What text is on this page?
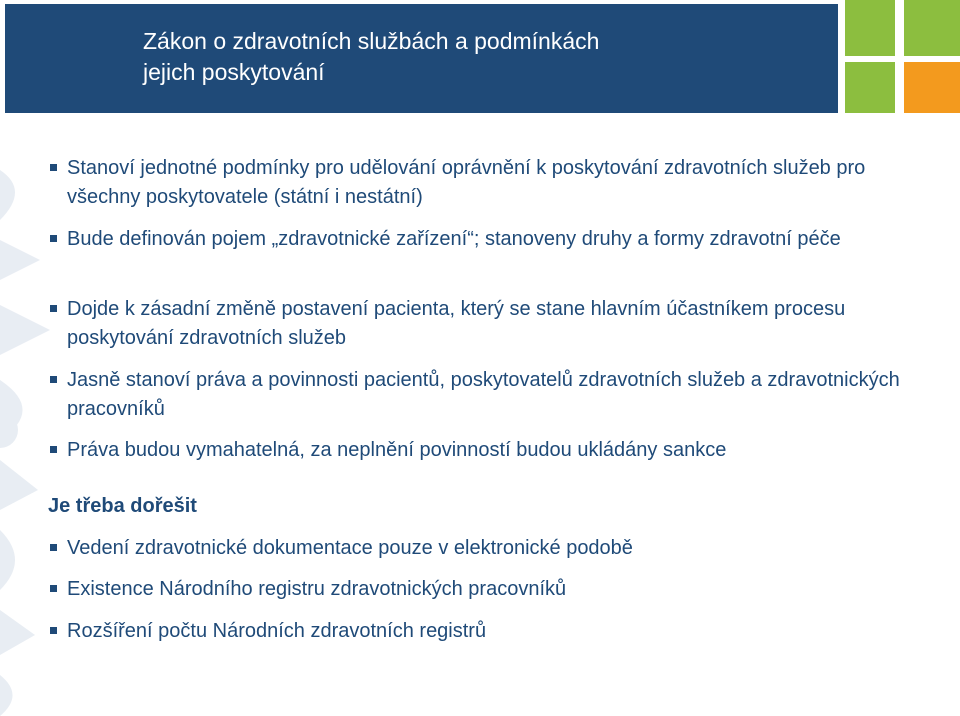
Zákon o zdravotních službách a podmínkách
jejich poskytování
Stanoví jednotné podmínky pro udělování oprávnění k poskytování zdravotních služeb pro všechny poskytovatele (státní i nestátní)
Bude definován pojem „zdravotnické zařízení“; stanoveny druhy a formy zdravotní péče
Dojde k zásadní změně postavení pacienta, který se stane hlavním účastníkem procesu poskytování zdravotních služeb
Jasně stanoví práva a povinnosti pacientů, poskytovatelů zdravotních služeb a zdravotnických pracovníků
Práva budou vymahatelná, za neplnění povinností budou ukládány sankce
Je třeba dořešit
Vedení zdravotnické dokumentace pouze v elektronické podobě
Existence Národního registru zdravotnických pracovníků
Rozšíření počtu Národních zdravotních registrů
